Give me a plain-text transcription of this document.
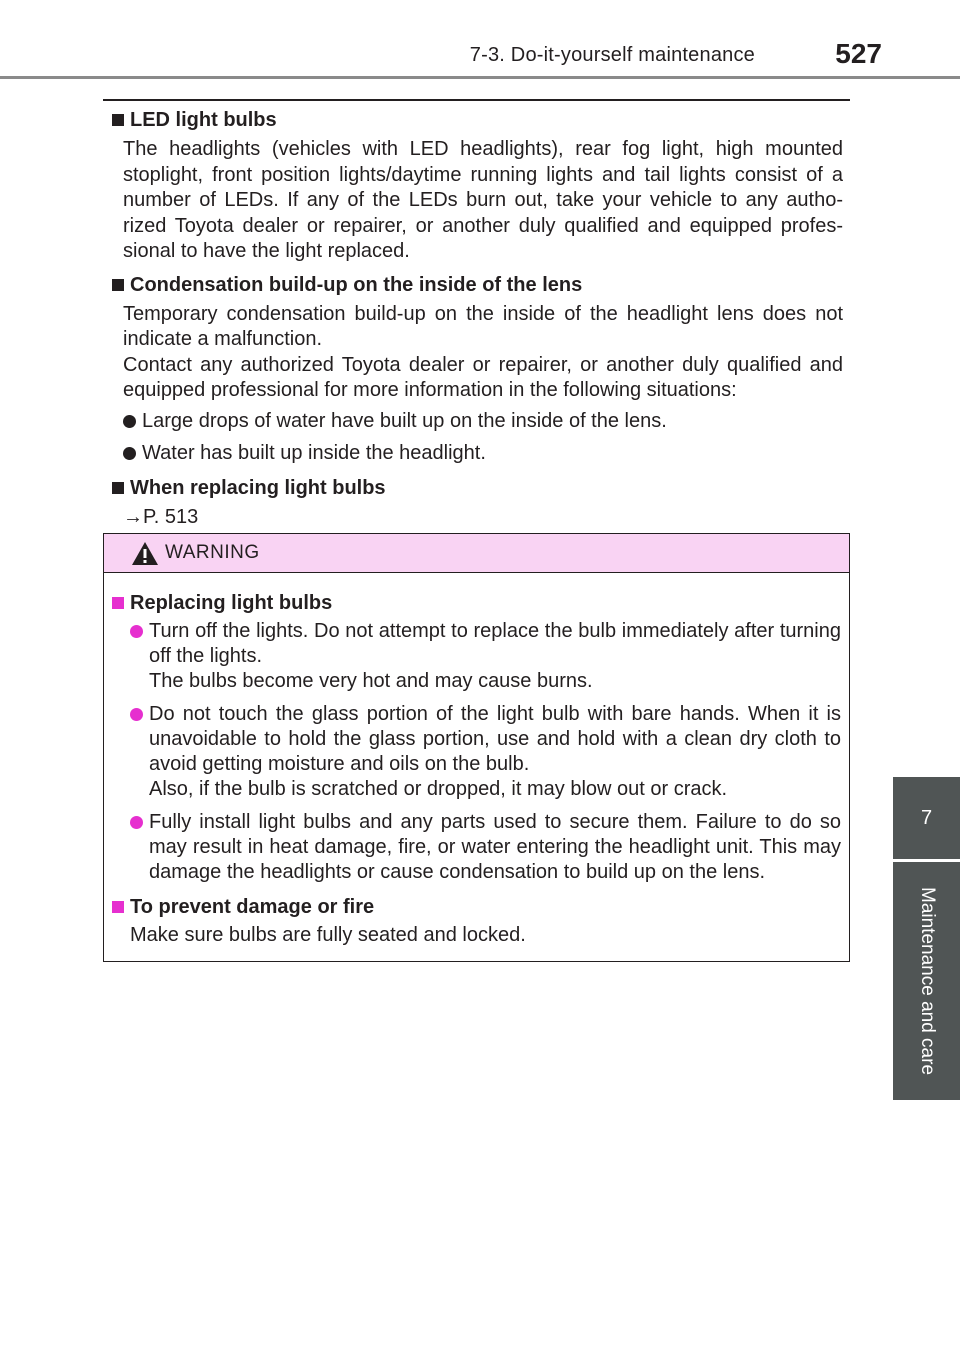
7-3. Do-it-yourself maintenance	527
7
Maintenance and care
LED light bulbs
The headlights (vehicles with LED headlights), rear fog light, high mounted stoplight, front position lights/daytime running lights and tail lights consist of a number of LEDs. If any of the LEDs burn out, take your vehicle to any autho-rized Toyota dealer or repairer, or another duly qualified and equipped profes-sional to have the light replaced.
Condensation build-up on the inside of the lens
Temporary condensation build-up on the inside of the headlight lens does not indicate a malfunction.
Contact any authorized Toyota dealer or repairer, or another duly qualified and equipped professional for more information in the following situations:
Large drops of water have built up on the inside of the lens.
Water has built up inside the headlight.
When replacing light bulbs
→P. 513
WARNING
Replacing light bulbs
Turn off the lights. Do not attempt to replace the bulb immediately after turning off the lights.
The bulbs become very hot and may cause burns.
Do not touch the glass portion of the light bulb with bare hands. When it is unavoidable to hold the glass portion, use and hold with a clean dry cloth to avoid getting moisture and oils on the bulb.
Also, if the bulb is scratched or dropped, it may blow out or crack.
Fully install light bulbs and any parts used to secure them. Failure to do so may result in heat damage, fire, or water entering the headlight unit. This may damage the headlights or cause condensation to build up on the lens.
To prevent damage or fire
Make sure bulbs are fully seated and locked.
